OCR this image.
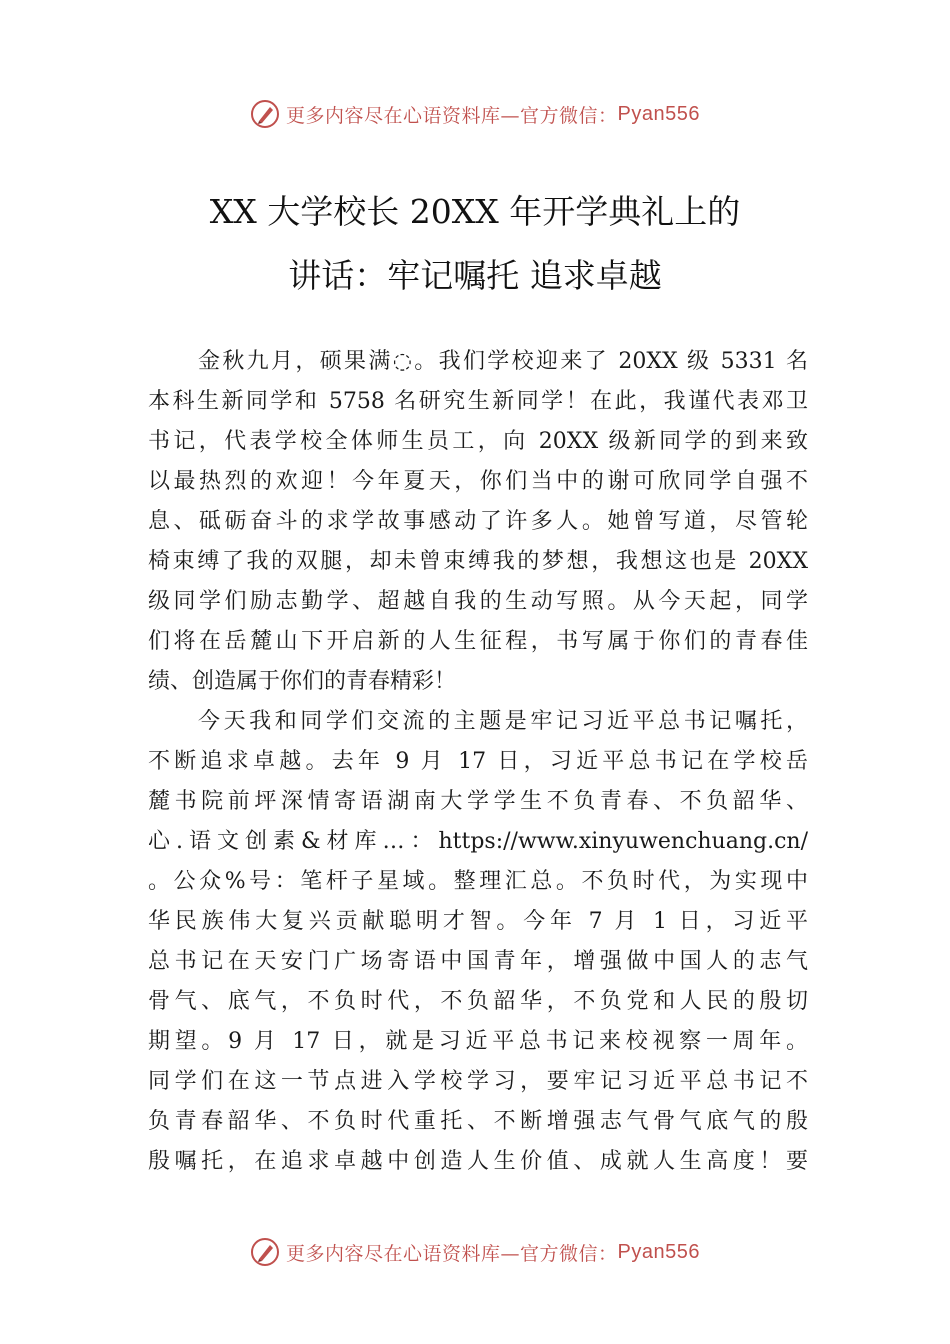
更多内容尽在心语资料库—官方微信： Pyan556
XX 大学校长 20XX 年开学典礼上的
讲话：牢记嘱托 追求卓越
金秋九月，硕果满◌。我们学校迎来了 20XX 级 5331 名
本科生新同学和 5758 名研究生新同学！在此，我谨代表邓卫
书记，代表学校全体师生员工，向 20XX 级新同学的到来致
以最热烈的欢迎！今年夏天，你们当中的谢可欣同学自强不
息、砥砺奋斗的求学故事感动了许多人。她曾写道，尽管轮
椅束缚了我的双腿，却未曾束缚我的梦想，我想这也是 20XX
级同学们励志勤学、超越自我的生动写照。从今天起，同学
们将在岳麓山下开启新的人生征程，书写属于你们的青春佳
绩、创造属于你们的青春精彩！
今天我和同学们交流的主题是牢记习近平总书记嘱托，
不断追求卓越。去年 9 月 17 日，习近平总书记在学校岳
麓书院前坪深情寄语湖南大学学生不负青春、不负韶华、
心.语文创素&材库…：https://www.xinyuwenchuang.cn/
。公众%号：笔杆子星域。整理汇总。不负时代，为实现中
华民族伟大复兴贡献聪明才智。今年 7 月 1 日，习近平
总书记在天安门广场寄语中国青年，增强做中国人的志气
骨气、底气，不负时代，不负韶华，不负党和人民的殷切
期望。9 月 17 日，就是习近平总书记来校视察一周年。
同学们在这一节点进入学校学习，要牢记习近平总书记不
负青春韶华、不负时代重托、不断增强志气骨气底气的殷
殷嘱托，在追求卓越中创造人生价值、成就人生高度！要
更多内容尽在心语资料库—官方微信： Pyan556
